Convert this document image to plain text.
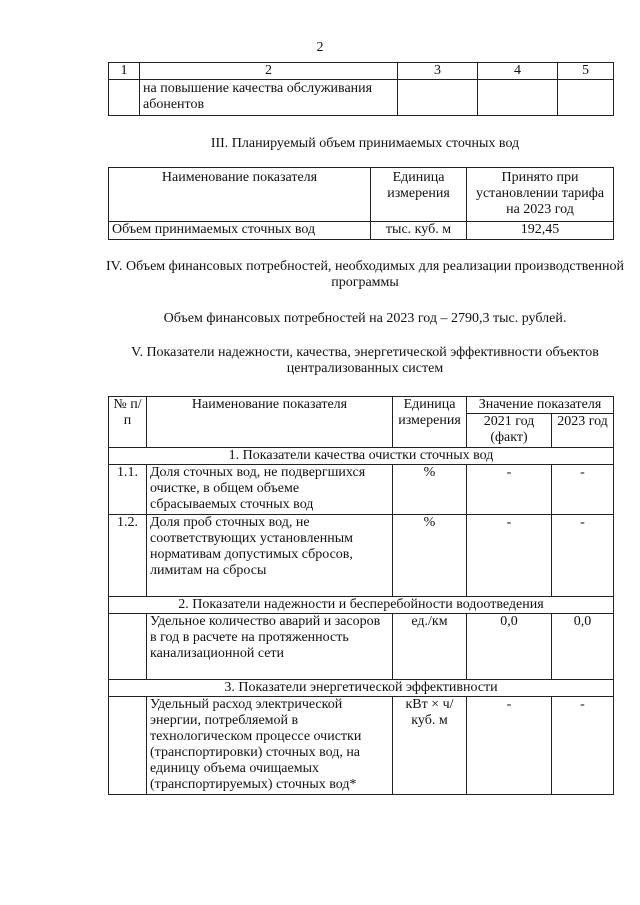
2
1	2	3	4	5
	на повышение качества обслуживания абонентов			
III. Планируемый объем принимаемых сточных вод
Наименование показателя	Единица измерения	Принято при установлении тарифа на 2023 год
Объем принимаемых сточных вод	тыс. куб. м	192,45
IV. Объем финансовых потребностей, необходимых для реализации производственной программы
Объем финансовых потребностей на 2023 год – 2790,3 тыс. рублей.
V. Показатели надежности, качества, энергетической эффективности объектов централизованных систем
№ п/п	Наименование показателя	Единица измерения	Значение показателя	
			2021 год (факт)	2023 год
1. Показатели качества очистки сточных вод				
1.1.	Доля сточных вод, не подвергшихся очистке, в общем объеме сбрасываемых сточных вод	%	-	-
1.2.	Доля проб сточных вод, не соответствующих установленным нормативам допустимых сбросов, лимитам на сбросы	%	-	-
2. Показатели надежности и бесперебойности водоотведения				
	Удельное количество аварий и засоров в год в расчете на протяженность канализационной сети	ед./км	0,0	0,0
3. Показатели энергетической эффективности				
	Удельный расход электрической энергии, потребляемой в технологическом процессе очистки (транспортировки) сточных вод, на единицу объема очищаемых (транспортируемых) сточных вод*	кВт × ч/ куб. м	-	-
